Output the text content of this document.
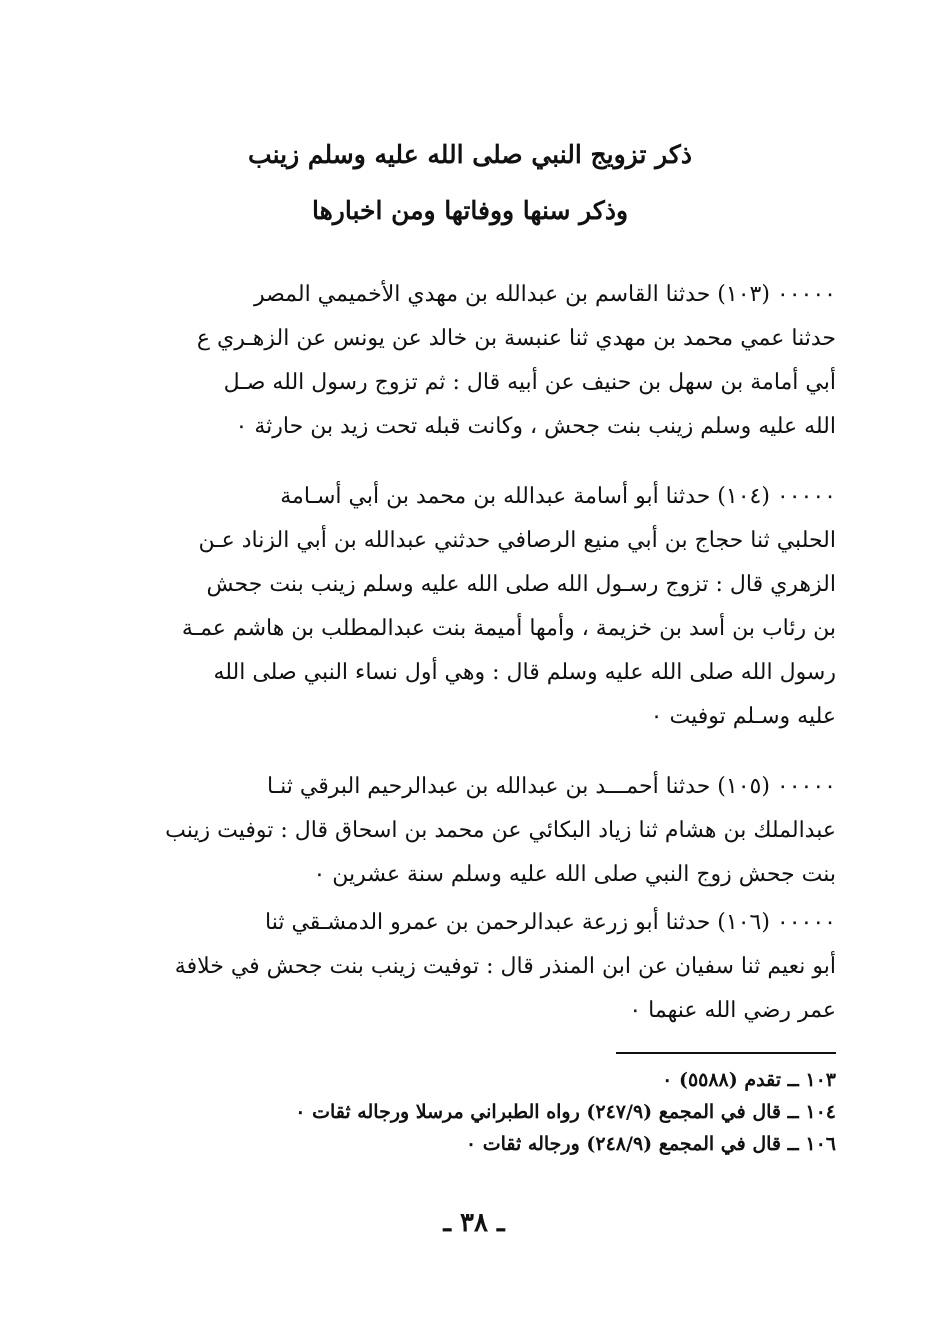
ذكر تزويج النبي صلى الله عليه وسلم زينب
وذكر سنها ووفاتها ومن اخبارها
٠٠٠٠٠ (١٠٣) حدثنا القاسم بن عبدالله بن مهدي الأخميمي المصر
حدثنا عمي محمد بن مهدي ثنا عنبسة بن خالد عن يونس عن الزهـري ع
أبي أمامة بن سهل بن حنيف عن أبيه قال : ثم تزوج رسول الله صـل
الله عليه وسلم زينب بنت جحش ، وكانت قبله تحت زيد بن حارثة ٠
٠٠٠٠٠ (١٠٤) حدثنا أبو أسامة عبدالله بن محمد بن أبي أسـامة
الحلبي ثنا حجاج بن أبي منيع الرصافي حدثني عبدالله بن أبي الزناد عـن
الزهري قال : تزوج رسـول الله صلى الله عليه وسلم زينب بنت جحش
بن رئاب بن أسد بن خزيمة ، وأمها أميمة بنت عبدالمطلب بن هاشم عمـة
رسول الله صلى الله عليه وسلم قال : وهي أول نساء النبي صلى الله
عليه وسـلم توفيت ٠
٠٠٠٠٠ (١٠٥) حدثنا أحمـــد بن عبدالله بن عبدالرحيم البرقي ثنـا
عبدالملك بن هشام ثنا زياد البكائي عن محمد بن اسحاق قال : توفيت زينب
بنت جحش زوج النبي صلى الله عليه وسلم سنة عشرين ٠
٠٠٠٠٠ (١٠٦) حدثنا أبو زرعة عبدالرحمن بن عمرو الدمشـقي ثنا
أبو نعيم ثنا سفيان عن ابن المنذر قال : توفيت زينب بنت جحش في خلافة
عمر رضي الله عنهما ٠
١٠٣ ــ تقدم (٥٥٨٨) ٠
١٠٤ ــ قال في المجمع (٢٤٧/٩) رواه الطبراني مرسلا ورجاله ثقات ٠
١٠٦ ــ قال في المجمع (٢٤٨/٩) ورجاله ثقات ٠
ـ ٣٨ ـ
